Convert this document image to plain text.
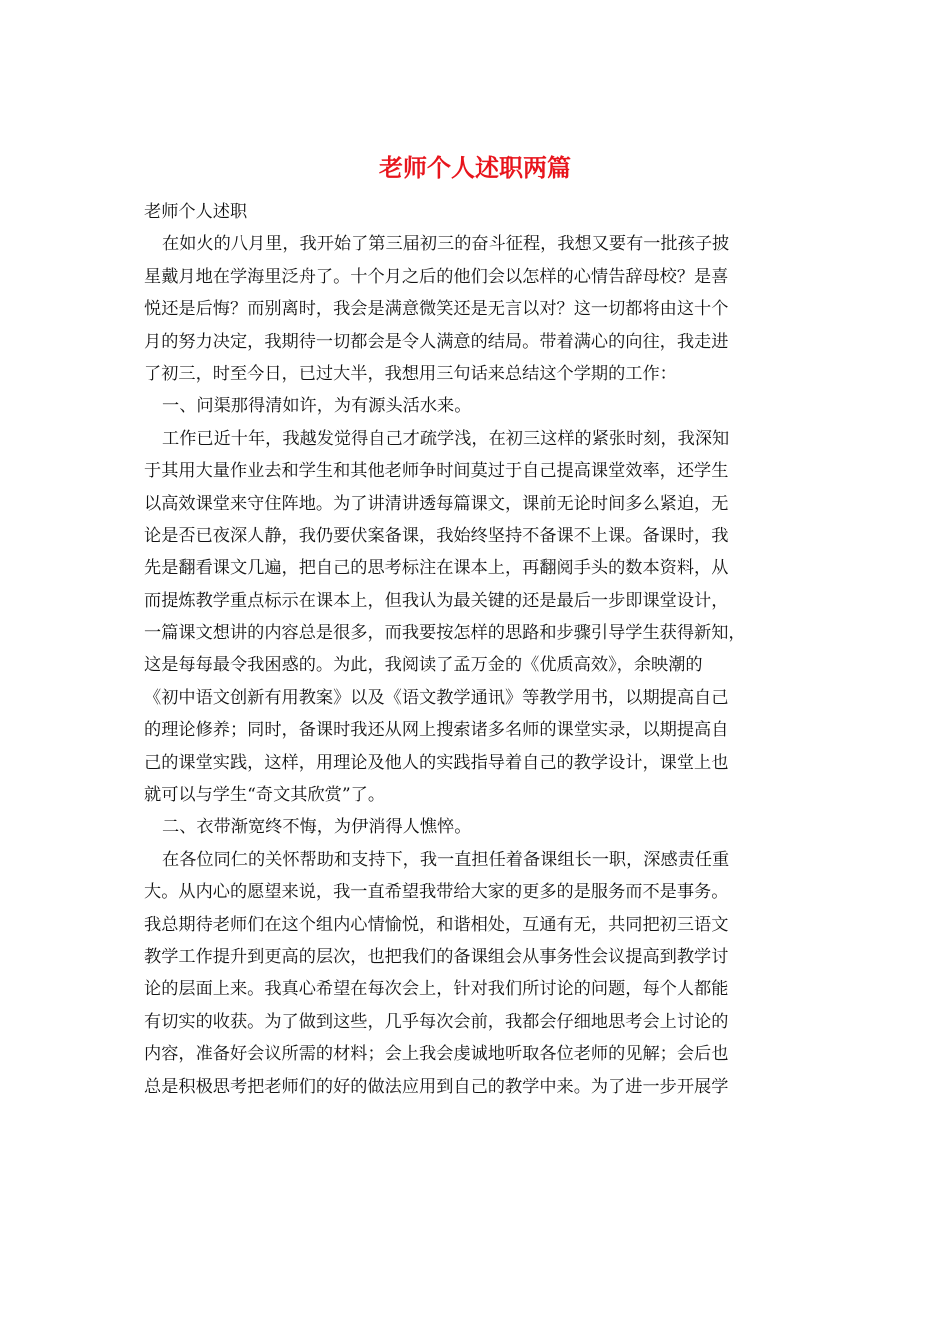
老师个人述职两篇
老师个人述职
在如火的八月里，我开始了第三届初三的奋斗征程，我想又要有一批孩子披
星戴月地在学海里泛舟了。十个月之后的他们会以怎样的心情告辞母校？是喜
悦还是后悔？而别离时，我会是满意微笑还是无言以对？这一切都将由这十个
月的努力决定，我期待一切都会是令人满意的结局。带着满心的向往，我走进
了初三，时至今日，已过大半，我想用三句话来总结这个学期的工作：
一、问渠那得清如许，为有源头活水来。
工作已近十年，我越发觉得自己才疏学浅，在初三这样的紧张时刻，我深知
于其用大量作业去和学生和其他老师争时间莫过于自己提高课堂效率，还学生
以高效课堂来守住阵地。为了讲清讲透每篇课文，课前无论时间多么紧迫，无
论是否已夜深人静，我仍要伏案备课，我始终坚持不备课不上课。备课时，我
先是翻看课文几遍，把自己的思考标注在课本上，再翻阅手头的数本资料，从
而提炼教学重点标示在课本上，但我认为最关键的还是最后一步即课堂设计，
一篇课文想讲的内容总是很多，而我要按怎样的思路和步骤引导学生获得新知，
这是每每最令我困惑的。为此，我阅读了孟万金的《优质高效》，余映潮的
《初中语文创新有用教案》以及《语文教学通讯》等教学用书，以期提高自己
的理论修养；同时，备课时我还从网上搜索诸多名师的课堂实录，以期提高自
己的课堂实践，这样，用理论及他人的实践指导着自己的教学设计，课堂上也
就可以与学生“奇文其欣赏”了。
二、衣带渐宽终不悔，为伊消得人憔悴。
在各位同仁的关怀帮助和支持下，我一直担任着备课组长一职，深感责任重
大。从内心的愿望来说，我一直希望我带给大家的更多的是服务而不是事务。
我总期待老师们在这个组内心情愉悦，和谐相处，互通有无，共同把初三语文
教学工作提升到更高的层次，也把我们的备课组会从事务性会议提高到教学讨
论的层面上来。我真心希望在每次会上，针对我们所讨论的问题，每个人都能
有切实的收获。为了做到这些，几乎每次会前，我都会仔细地思考会上讨论的
内容，准备好会议所需的材料；会上我会虔诚地听取各位老师的见解；会后也
总是积极思考把老师们的好的做法应用到自己的教学中来。为了进一步开展学
